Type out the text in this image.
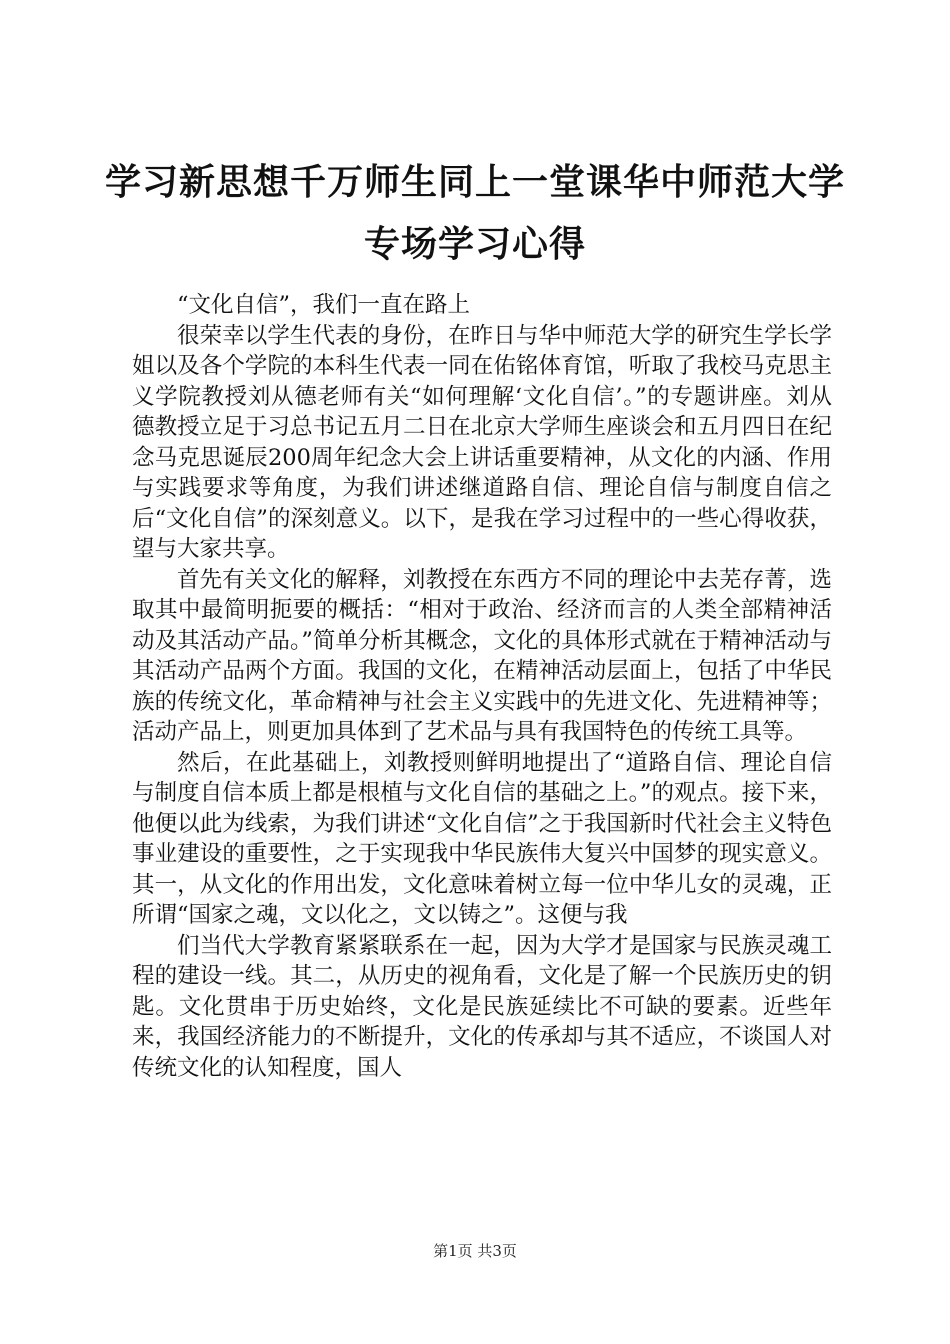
学习新思想千万师生同上一堂课华中师范大学
专场学习心得

“文化自信”，我们一直在路上

很荣幸以学生代表的身份，在昨日与华中师范大学的研究生学长学姐以及各个学院的本科生代表一同在佑铭体育馆，听取了我校马克思主义学院教授刘从德老师有关“如何理解‘文化自信’。”的专题讲座。刘从德教授立足于习总书记五月二日在北京大学师生座谈会和五月四日在纪念马克思诞辰200周年纪念大会上讲话重要精神，从文化的内涵、作用与实践要求等角度，为我们讲述继道路自信、理论自信与制度自信之后“文化自信”的深刻意义。以下，是我在学习过程中的一些心得收获，望与大家共享。

首先有关文化的解释，刘教授在东西方不同的理论中去芜存菁，选取其中最简明扼要的概括：“相对于政治、经济而言的人类全部精神活动及其活动产品。”简单分析其概念，文化的具体形式就在于精神活动与其活动产品两个方面。我国的文化，在精神活动层面上，包括了中华民族的传统文化，革命精神与社会主义实践中的先进文化、先进精神等；活动产品上，则更加具体到了艺术品与具有我国特色的传统工具等。

然后，在此基础上，刘教授则鲜明地提出了“道路自信、理论自信与制度自信本质上都是根植与文化自信的基础之上。”的观点。接下来，他便以此为线索，为我们讲述“文化自信”之于我国新时代社会主义特色事业建设的重要性，之于实现我中华民族伟大复兴中国梦的现实意义。其一，从文化的作用出发，文化意味着树立每一位中华儿女的灵魂，正所谓“国家之魂，文以化之，文以铸之”。这便与我

们当代大学教育紧紧联系在一起，因为大学才是国家与民族灵魂工程的建设一线。其二，从历史的视角看，文化是了解一个民族历史的钥匙。文化贯串于历史始终，文化是民族延续比不可缺的要素。近些年来，我国经济能力的不断提升，文化的传承却与其不适应，不谈国人对传统文化的认知程度，国人

第1页 共3页
